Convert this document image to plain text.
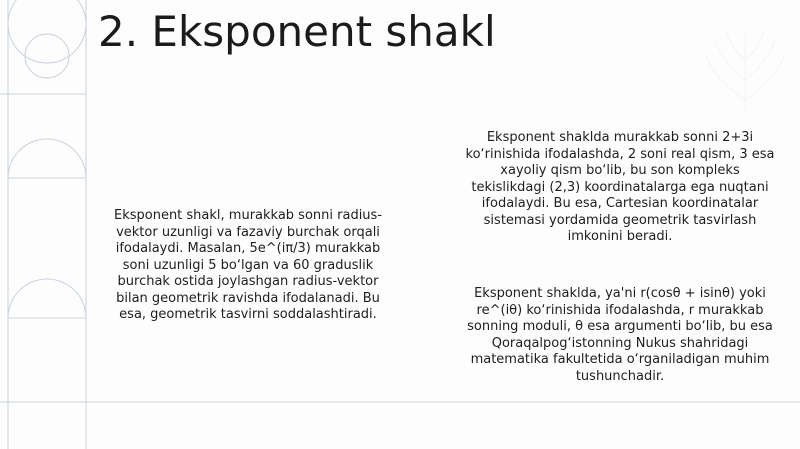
2. Eksponent shakl
Eksponent shakl, murakkab sonni radius-
vektor uzunligi va fazaviy burchak orqali
ifodalaydi. Masalan, 5e^(iπ/3) murakkab
soni uzunligi 5 bo‘lgan va 60 graduslik
burchak ostida joylashgan radius-vektor
bilan geometrik ravishda ifodalanadi. Bu
esa, geometrik tasvirni soddalashtiradi.
Eksponent shaklda murakkab sonni 2+3i
ko‘rinishida ifodalashda, 2 soni real qism, 3 esa
xayoliy qism bo‘lib, bu son kompleks
tekislikdagi (2,3) koordinatalarga ega nuqtani
ifodalaydi. Bu esa, Cartesian koordinatalar
sistemasi yordamida geometrik tasvirlash
imkonini beradi.
Eksponent shaklda, ya'ni r(cosθ + isinθ) yoki
re^(iθ) ko‘rinishida ifodalashda, r murakkab
sonning moduli, θ esa argumenti bo‘lib, bu esa
Qoraqalpog‘istonning Nukus shahridagi
matematika fakultetida o‘rganiladigan muhim
tushunchadir.
